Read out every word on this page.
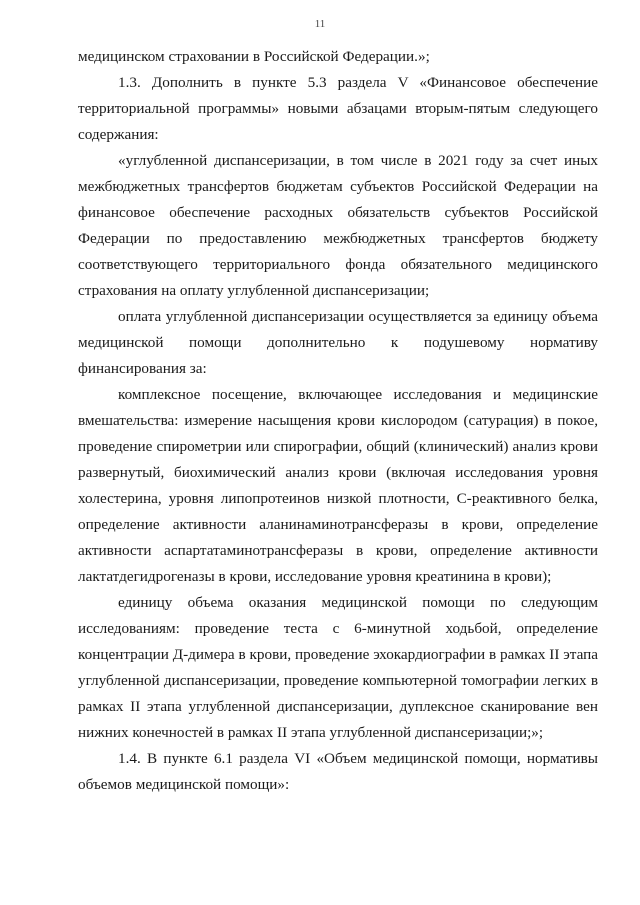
11

медицинском страховании в Российской Федерации.»;

1.3. Дополнить в пункте 5.3 раздела V «Финансовое обеспечение территориальной программы» новыми абзацами вторым-пятым следующего содержания:

«углубленной диспансеризации, в том числе в 2021 году за счет иных межбюджетных трансфертов бюджетам субъектов Российской Федерации на финансовое обеспечение расходных обязательств субъектов Российской Федерации по предоставлению межбюджетных трансфертов бюджету соответствующего территориального фонда обязательного медицинского страхования на оплату углубленной диспансеризации;

оплата углубленной диспансеризации осуществляется за единицу объема медицинской помощи дополнительно к подушевому нормативу финансирования за:

комплексное посещение, включающее исследования и медицинские вмешательства: измерение насыщения крови кислородом (сатурация) в покое, проведение спирометрии или спирографии, общий (клинический) анализ крови развернутый, биохимический анализ крови (включая исследования уровня холестерина, уровня липопротеинов низкой плотности, С-реактивного белка, определение активности аланинаминотрансферазы в крови, определение активности аспартатаминотрансферазы в крови, определение активности лактатдегидрогеназы в крови, исследование уровня креатинина в крови);

единицу объема оказания медицинской помощи по следующим исследованиям: проведение теста с 6-минутной ходьбой, определение концентрации Д-димера в крови, проведение эхокардиографии в рамках II этапа углубленной диспансеризации, проведение компьютерной томографии легких в рамках II этапа углубленной диспансеризации, дуплексное сканирование вен нижних конечностей в рамках II этапа углубленной диспансеризации;»;

1.4. В пункте 6.1 раздела VI «Объем медицинской помощи, нормативы объемов медицинской помощи»:
